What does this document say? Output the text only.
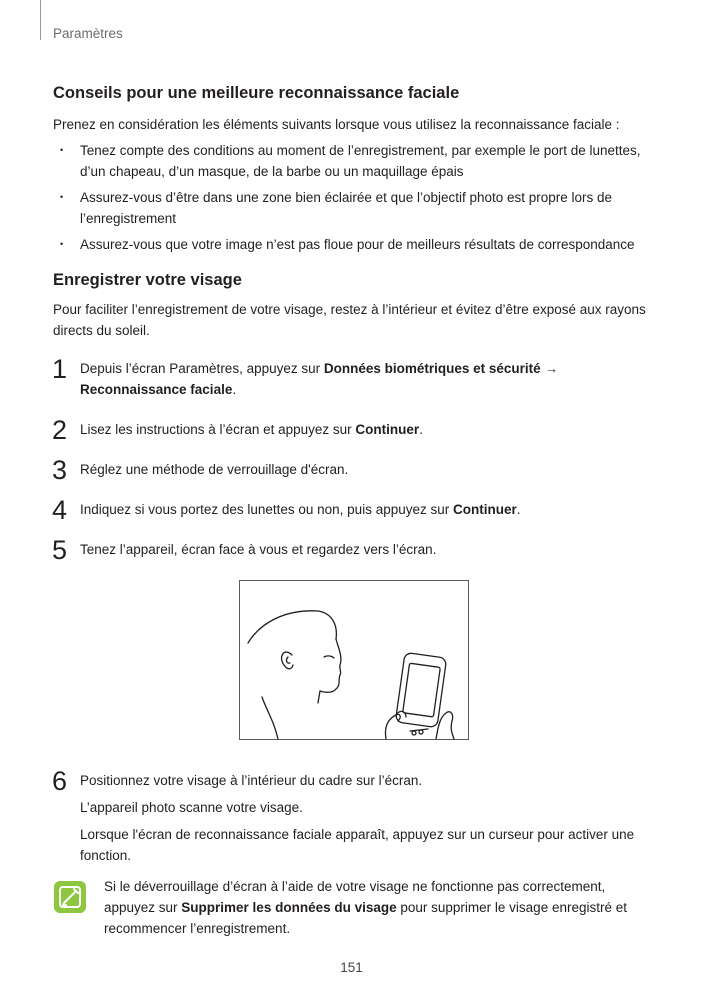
Paramètres
Conseils pour une meilleure reconnaissance faciale

Prenez en considération les éléments suivants lorsque vous utilisez la reconnaissance faciale :

• Tenez compte des conditions au moment de l’enregistrement, par exemple le port de lunettes, d’un chapeau, d’un masque, de la barbe ou un maquillage épais
• Assurez-vous d’être dans une zone bien éclairée et que l’objectif photo est propre lors de l’enregistrement
• Assurez-vous que votre image n’est pas floue pour de meilleurs résultats de correspondance
Enregistrer votre visage

Pour faciliter l’enregistrement de votre visage, restez à l’intérieur et évitez d’être exposé aux rayons directs du soleil.

1 Depuis l’écran Paramètres, appuyez sur Données biométriques et sécurité → Reconnaissance faciale.
2 Lisez les instructions à l’écran et appuyez sur Continuer.
3 Réglez une méthode de verrouillage d'écran.
4 Indiquez si vous portez des lunettes ou non, puis appuyez sur Continuer.
5 Tenez l’appareil, écran face à vous et regardez vers l’écran.
6 Positionnez votre visage à l’intérieur du cadre sur l’écran.

L’appareil photo scanne votre visage.

Lorsque l'écran de reconnaissance faciale apparaît, appuyez sur un curseur pour activer une fonction.

Si le déverrouillage d’écran à l’aide de votre visage ne fonctionne pas correctement, appuyez sur Supprimer les données du visage pour supprimer le visage enregistré et recommencer l’enregistrement.
151
